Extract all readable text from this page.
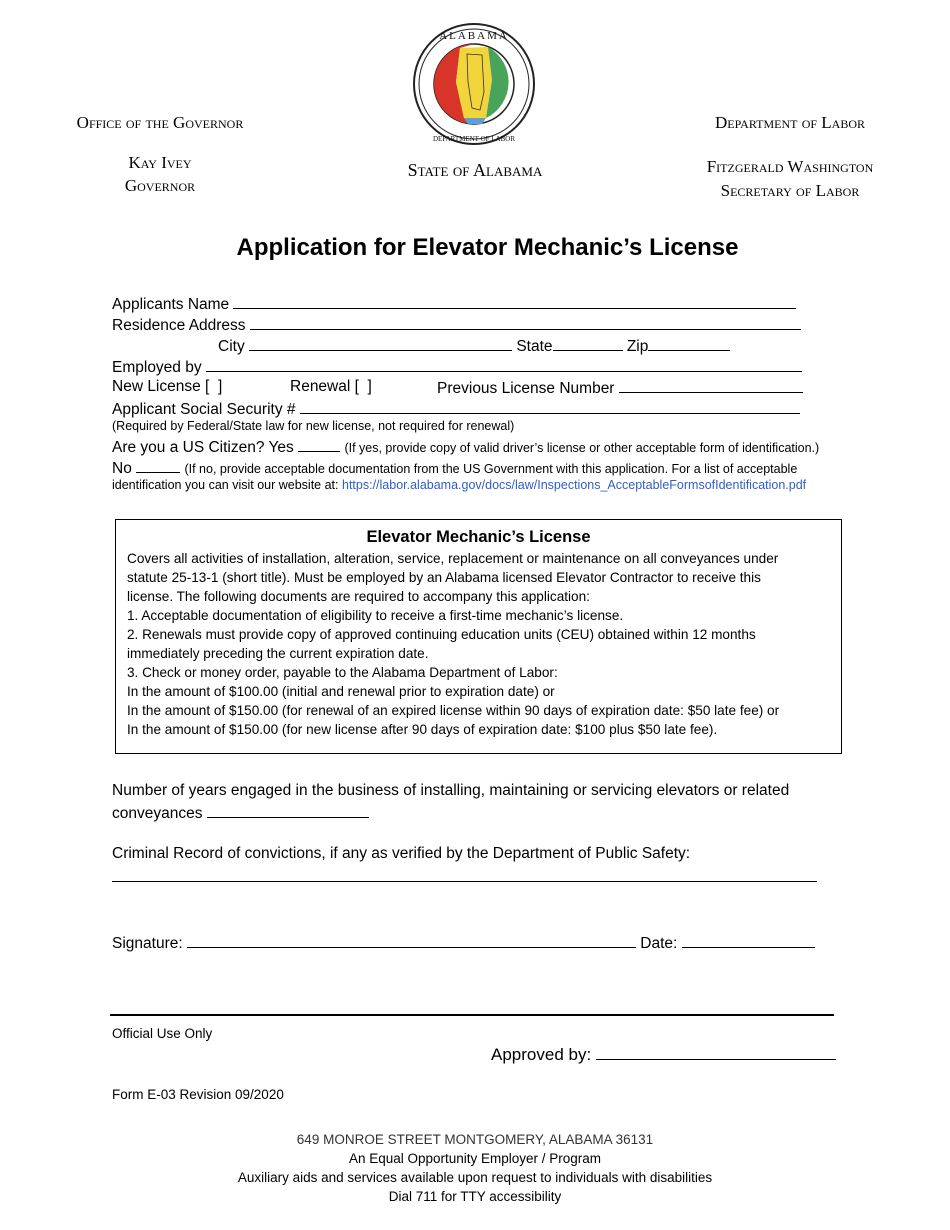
Office of the Governor
Kay Ivey
Governor
ALABAMA
DEPARTMENT OF LABOR
State of Alabama
Department of Labor
Fitzgerald Washington
Secretary of Labor
Application for Elevator Mechanic’s License
Applicants Name
Residence Address
City	State	Zip
Employed by
New License [  ]	Renewal [  ]	Previous License Number
Applicant Social Security #
(Required by Federal/State law for new license, not required for renewal)
Are you a US Citizen? Yes	(If yes, provide copy of valid driver’s license or other acceptable form of identification.)
No	(If no, provide acceptable documentation from the US Government with this application. For a list of acceptable
identification you can visit our website at: https://labor.alabama.gov/docs/law/Inspections_AcceptableFormsofIdentification.pdf
Elevator Mechanic’s License
Covers all activities of installation, alteration, service, replacement or maintenance on all conveyances under
statute 25-13-1 (short title). Must be employed by an Alabama licensed Elevator Contractor to receive this
license. The following documents are required to accompany this application:
1. Acceptable documentation of eligibility to receive a first-time mechanic’s license.
2. Renewals must provide copy of approved continuing education units (CEU) obtained within 12 months
immediately preceding the current expiration date.
3. Check or money order, payable to the Alabama Department of Labor:
In the amount of $100.00 (initial and renewal prior to expiration date) or
In the amount of $150.00 (for renewal of an expired license within 90 days of expiration date: $50 late fee) or
In the amount of $150.00 (for new license after 90 days of expiration date: $100 plus $50 late fee).
Number of years engaged in the business of installing, maintaining or servicing elevators or related
conveyances
Criminal Record of convictions, if any as verified by the Department of Public Safety:
Signature:	Date:
Official Use Only
Approved by:
Form E-03 Revision 09/2020
649 MONROE STREET MONTGOMERY, ALABAMA 36131
An Equal Opportunity Employer / Program
Auxiliary aids and services available upon request to individuals with disabilities
Dial 711 for TTY accessibility
